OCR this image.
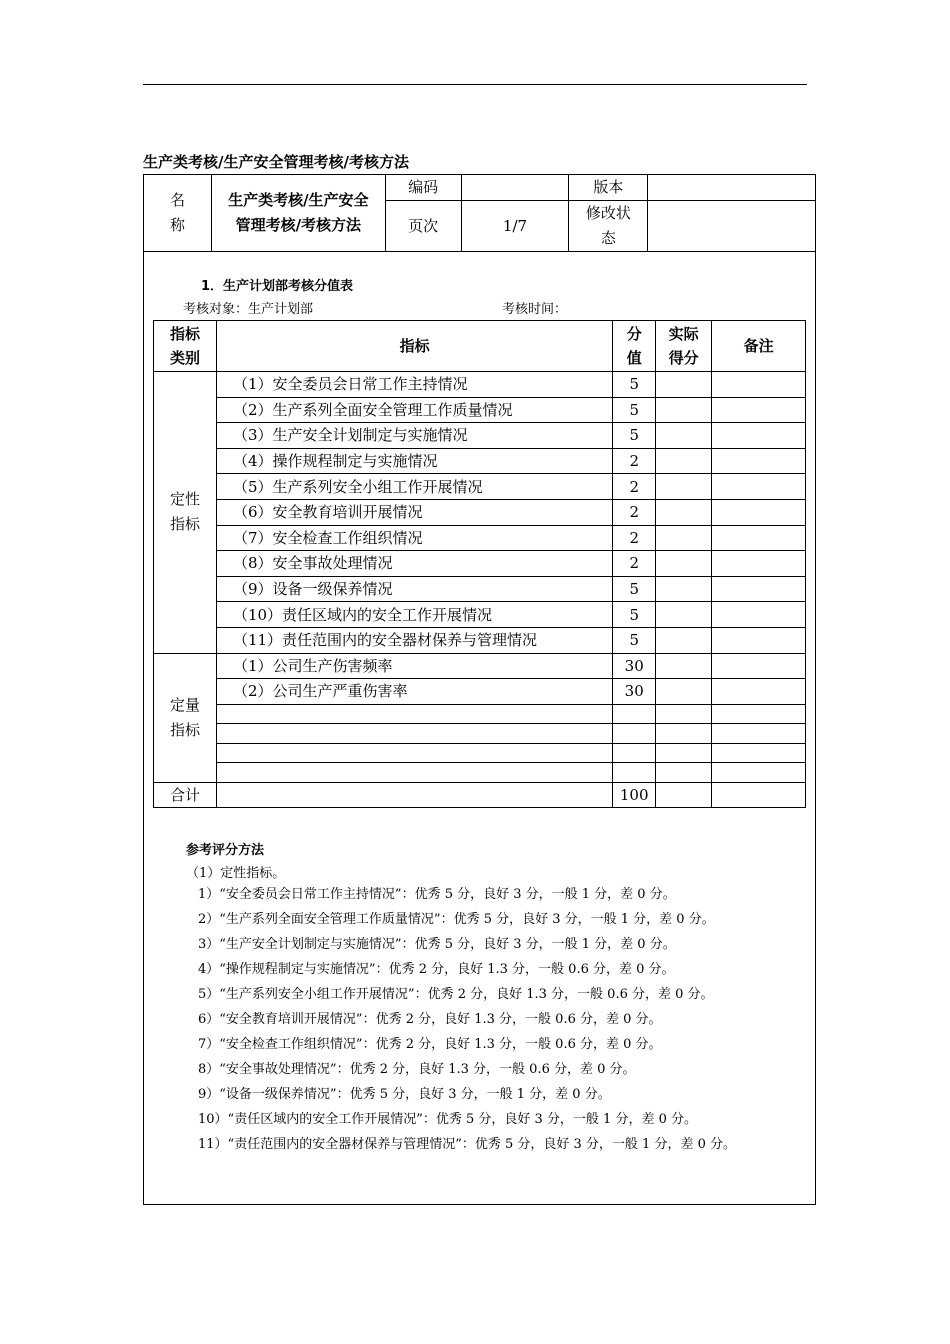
生产类考核/生产安全管理考核/考核方法
名称	生产类考核/生产安全管理考核/考核方法	编码		版本	
		页次	1/7	修改状态	
1．生产计划部考核分值表
考核对象：生产计划部	考核时间：
指标类别	指标	分值	实际得分	备注
定性指标	（1）安全委员会日常工作主持情况	5		
	（2）生产系列全面安全管理工作质量情况	5		
	（3）生产安全计划制定与实施情况	5		
	（4）操作规程制定与实施情况	2		
	（5）生产系列安全小组工作开展情况	2		
	（6）安全教育培训开展情况	2		
	（7）安全检查工作组织情况	2		
	（8）安全事故处理情况	2		
	（9）设备一级保养情况	5		
	（10）责任区域内的安全工作开展情况	5		
	（11）责任范围内的安全器材保养与管理情况	5		
定量指标	（1）公司生产伤害频率	30		
	（2）公司生产严重伤害率	30		

合计		100		
参考评分方法
（1）定性指标。
1）“安全委员会日常工作主持情况”：优秀 5 分，良好 3 分，一般 1 分，差 0 分。
2）“生产系列全面安全管理工作质量情况”：优秀 5 分，良好 3 分，一般 1 分，差 0 分。
3）“生产安全计划制定与实施情况”：优秀 5 分，良好 3 分，一般 1 分，差 0 分。
4）“操作规程制定与实施情况”：优秀 2 分，良好 1.3 分，一般 0.6 分，差 0 分。
5）“生产系列安全小组工作开展情况”：优秀 2 分，良好 1.3 分，一般 0.6 分，差 0 分。
6）“安全教育培训开展情况”：优秀 2 分，良好 1.3 分，一般 0.6 分，差 0 分。
7）“安全检查工作组织情况”：优秀 2 分，良好 1.3 分，一般 0.6 分，差 0 分。
8）“安全事故处理情况”：优秀 2 分，良好 1.3 分，一般 0.6 分，差 0 分。
9）“设备一级保养情况”：优秀 5 分，良好 3 分，一般 1 分，差 0 分。
10）“责任区域内的安全工作开展情况”：优秀 5 分，良好 3 分，一般 1 分，差 0 分。
11）“责任范围内的安全器材保养与管理情况”：优秀 5 分，良好 3 分，一般 1 分，差 0 分。
